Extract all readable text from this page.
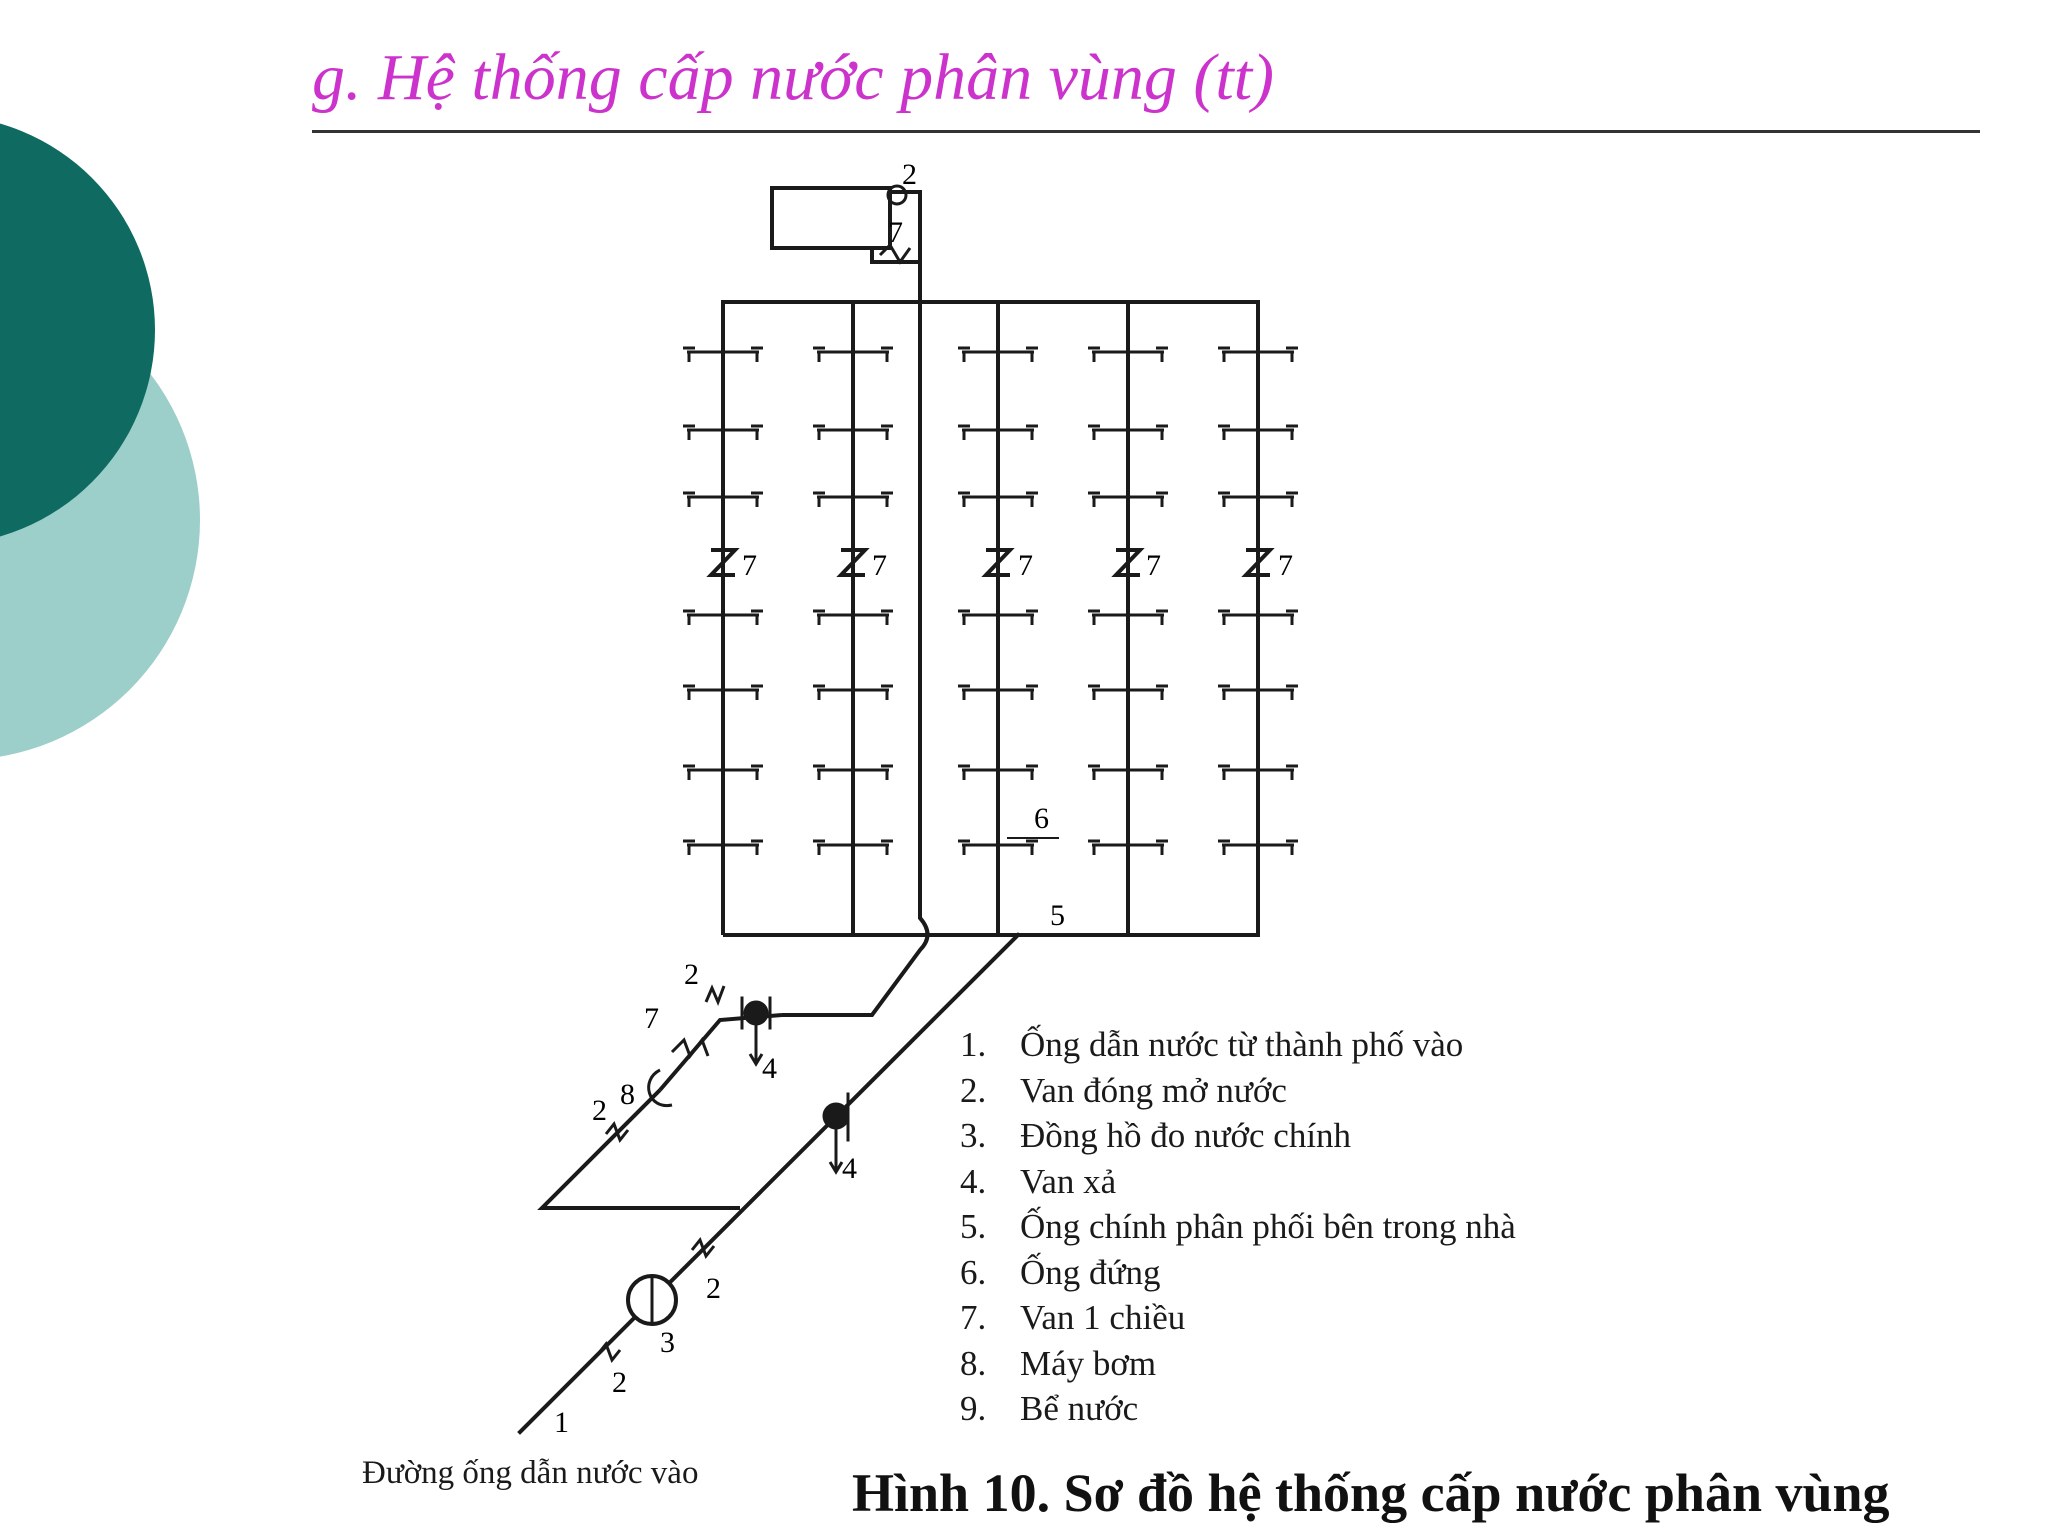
g. Hệ thống cấp nước phân vùng (tt)
2
7
7	7	7	7	7
6
5
2
7
4
8
2
4
2
3
2
1
1. Ống dẫn nước từ thành phố vào
2. Van đóng mở nước
3. Đồng hồ đo nước chính
4. Van xả
5. Ống chính phân phối bên trong nhà
6. Ống đứng
7. Van 1 chiều
8. Máy bơm
9. Bể nước
Đường ống dẫn nước vào	Hình 10. Sơ đồ hệ thống cấp nước phân vùng
